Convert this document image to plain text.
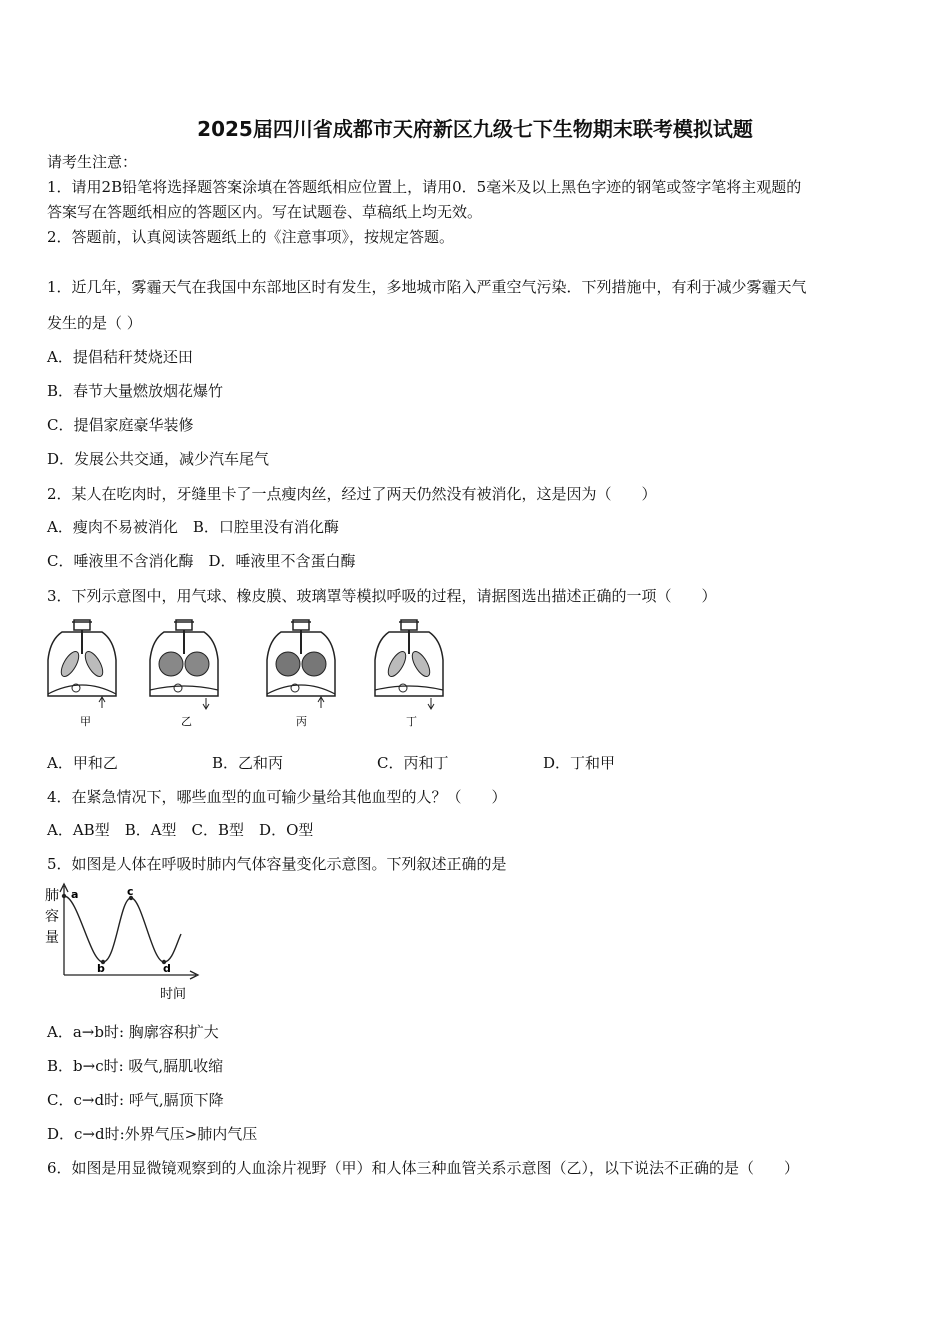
2025届四川省成都市天府新区九级七下生物期末联考模拟试题
请考生注意：
1．请用2B铅笔将选择题答案涂填在答题纸相应位置上，请用0．5毫米及以上黑色字迹的钢笔或签字笔将主观题的
答案写在答题纸相应的答题区内。写在试题卷、草稿纸上均无效。
2．答题前，认真阅读答题纸上的《注意事项》，按规定答题。
1．近几年，雾霾天气在我国中东部地区时有发生，多地城市陷入严重空气污染．下列措施中，有利于减少雾霾天气
发生的是（ ）
A．提倡秸秆焚烧还田
B．春节大量燃放烟花爆竹
C．提倡家庭豪华装修
D．发展公共交通，减少汽车尾气
2．某人在吃肉时，牙缝里卡了一点瘦肉丝，经过了两天仍然没有被消化，这是因为（　　）
A．瘦肉不易被消化　B．口腔里没有消化酶
C．唾液里不含消化酶　D．唾液里不含蛋白酶
3．下列示意图中，用气球、橡皮膜、玻璃罩等模拟呼吸的过程，请据图选出描述正确的一项（　　）
甲	乙	丙	丁
A．甲和乙	B．乙和丙	C．丙和丁	D．丁和甲
4．在紧急情况下，哪些血型的血可输少量给其他血型的人？（　　）
A．AB型　B．A型　C．B型　D．O型
5．如图是人体在呼吸时肺内气体容量变化示意图。下列叙述正确的是
a
b
c
d
肺
容
量
时间
A．a→b时: 胸廓容积扩大
B．b→c时: 吸气,膈肌收缩
C．c→d时: 呼气,膈顶下降
D．c→d时:外界气压>肺内气压
6．如图是用显微镜观察到的人血涂片视野（甲）和人体三种血管关系示意图（乙），以下说法不正确的是（　　）
